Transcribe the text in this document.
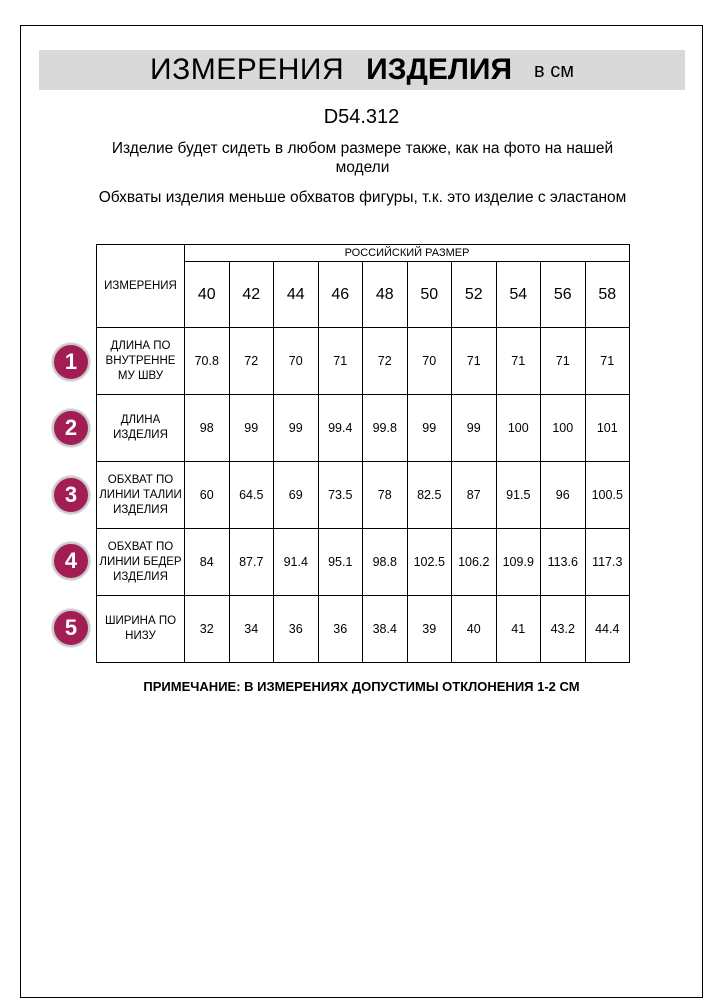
ИЗМЕРЕНИЯ ИЗДЕЛИЯ в см
D54.312
Изделие будет сидеть в любом размере также, как на фото на нашей модели
Обхваты изделия меньше обхватов фигуры, т.к. это изделие с эластаном
ИЗМЕРЕНИЯ	РОССИЙСКИЙ РАЗМЕР									
	40	42	44	46	48	50	52	54	56	58
ДЛИНА ПО ВНУТРЕННЕ МУ ШВУ	70.8	72	70	71	72	70	71	71	71	71
ДЛИНА ИЗДЕЛИЯ	98	99	99	99.4	99.8	99	99	100	100	101
ОБХВАТ ПО ЛИНИИ ТАЛИИ ИЗДЕЛИЯ	60	64.5	69	73.5	78	82.5	87	91.5	96	100.5
ОБХВАТ ПО ЛИНИИ БЕДЕР ИЗДЕЛИЯ	84	87.7	91.4	95.1	98.8	102.5	106.2	109.9	113.6	117.3
ШИРИНА ПО НИЗУ	32	34	36	36	38.4	39	40	41	43.2	44.4
1
2
3
4
5
ПРИМЕЧАНИЕ: В ИЗМЕРЕНИЯХ ДОПУСТИМЫ ОТКЛОНЕНИЯ 1-2 СМ
